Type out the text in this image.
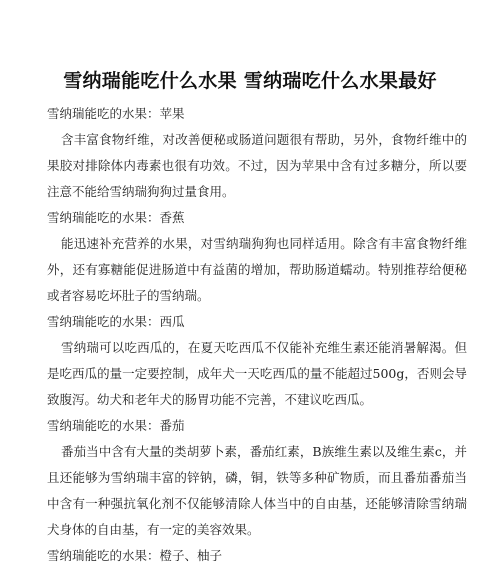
雪纳瑞能吃什么水果 雪纳瑞吃什么水果最好
雪纳瑞能吃的水果：苹果

含丰富食物纤维，对改善便秘或肠道问题很有帮助，另外，食物纤维中的果胶对排除体内毒素也很有功效。不过，因为苹果中含有过多糖分，所以要注意不能给雪纳瑞狗狗过量食用。

雪纳瑞能吃的水果：香蕉

能迅速补充营养的水果，对雪纳瑞狗狗也同样适用。除含有丰富食物纤维外，还有寡糖能促进肠道中有益菌的增加，帮助肠道蠕动。特别推荐给便秘或者容易吃坏肚子的雪纳瑞。

雪纳瑞能吃的水果：西瓜

雪纳瑞可以吃西瓜的，在夏天吃西瓜不仅能补充维生素还能消暑解渴。但是吃西瓜的量一定要控制，成年犬一天吃西瓜的量不能超过500g，否则会导致腹泻。幼犬和老年犬的肠胃功能不完善，不建议吃西瓜。

雪纳瑞能吃的水果：番茄

番茄当中含有大量的类胡萝卜素，番茄红素，B族维生素以及维生素c，并且还能够为雪纳瑞丰富的锌钠，磷，铜，铁等多种矿物质，而且番茄番茄当中含有一种强抗氧化剂不仅能够清除人体当中的自由基，还能够清除雪纳瑞犬身体的自由基，有一定的美容效果。

雪纳瑞能吃的水果：橙子、柚子
